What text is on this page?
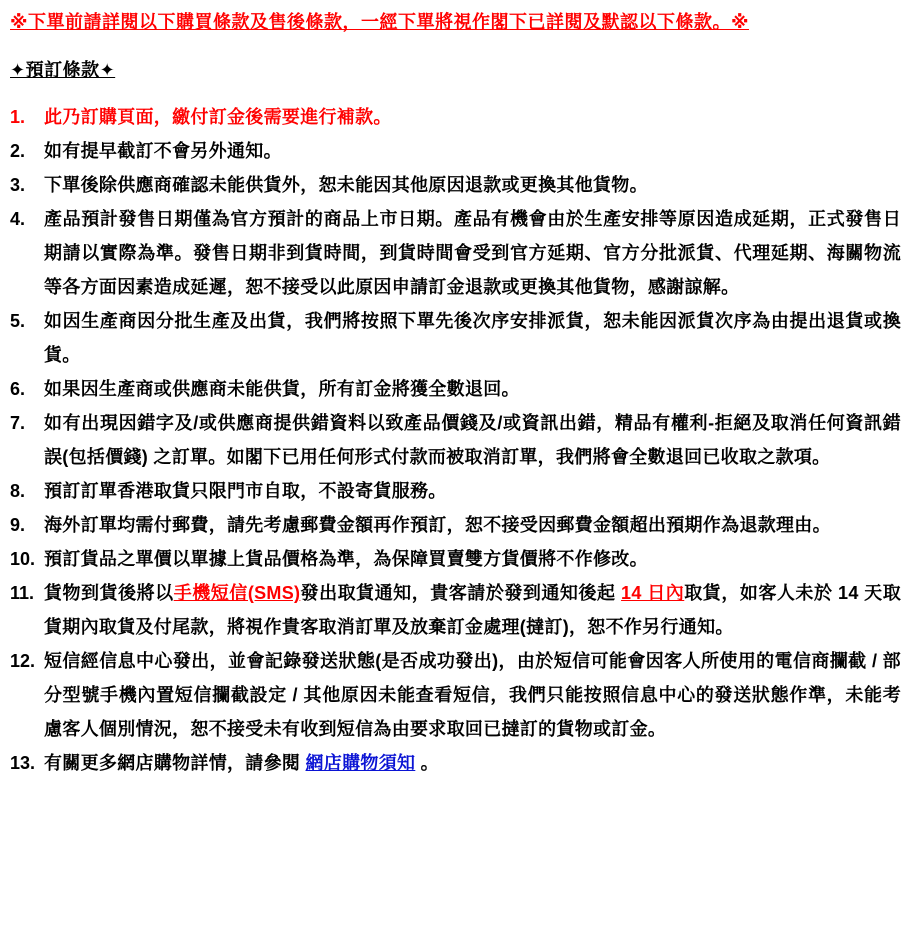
※下單前請詳閱以下購買條款及售後條款，一經下單將視作閣下已詳閱及默認以下條款。※
✦預訂條款✦
1.	此乃訂購頁面，繳付訂金後需要進行補款。
2.	如有提早截訂不會另外通知。
3.	下單後除供應商確認未能供貨外，恕未能因其他原因退款或更換其他貨物。
4.	產品預計發售日期僅為官方預計的商品上市日期。產品有機會由於生產安排等原因造成延期，正式發售日期請以實際為準。發售日期非到貨時間，到貨時間會受到官方延期、官方分批派貨、代理延期、海關物流等各方面因素造成延遲，恕不接受以此原因申請訂金退款或更換其他貨物，感謝諒解。
5.	如因生產商因分批生產及出貨，我們將按照下單先後次序安排派貨，恕未能因派貨次序為由提出退貨或換貨。
6.	如果因生產商或供應商未能供貨，所有訂金將獲全數退回。
7.	如有出現因錯字及/或供應商提供錯資料以致產品價錢及/或資訊出錯，精品有權利-拒絕及取消任何資訊錯誤(包括價錢) 之訂單。如閣下已用任何形式付款而被取消訂單，我們將會全數退回已收取之款項。
8.	預訂訂單香港取貨只限門市自取，不設寄貨服務。
9.	海外訂單均需付郵費，請先考慮郵費金額再作預訂，恕不接受因郵費金額超出預期作為退款理由。
10. 預訂貨品之單價以單據上貨品價格為準，為保障買賣雙方貨價將不作修改。
11. 貨物到貨後將以手機短信(SMS)發出取貨通知，貴客請於發到通知後起 14 日內取貨，如客人未於 14 天取貨期內取貨及付尾款，將視作貴客取消訂單及放棄訂金處理(撻訂)，恕不作另行通知。
12. 短信經信息中心發出，並會記錄發送狀態(是否成功發出)，由於短信可能會因客人所使用的電信商攔截 / 部分型號手機內置短信攔截設定 / 其他原因未能查看短信，我們只能按照信息中心的發送狀態作準，未能考慮客人個別情況，恕不接受未有收到短信為由要求取回已撻訂的貨物或訂金。
13. 有關更多網店購物詳情，請參閱 網店購物須知 。
